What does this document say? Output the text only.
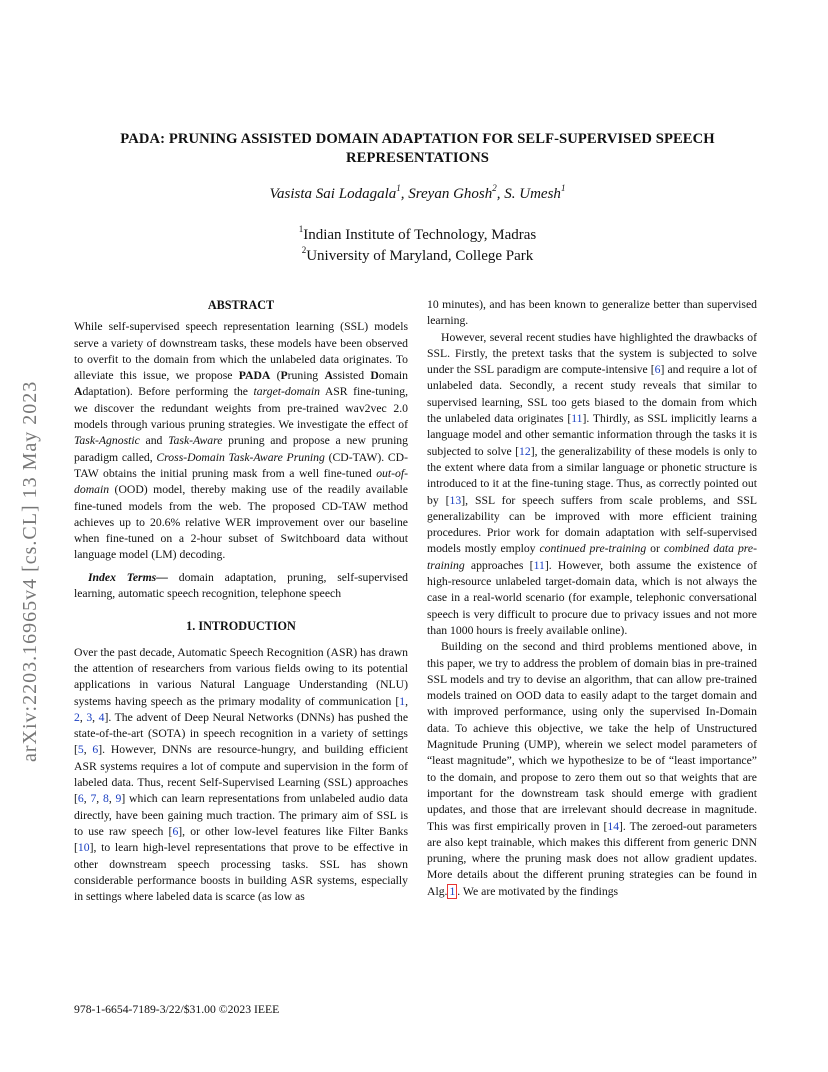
arXiv:2203.16965v4 [cs.CL] 13 May 2023
PADA: PRUNING ASSISTED DOMAIN ADAPTATION FOR SELF-SUPERVISED SPEECH REPRESENTATIONS
Vasista Sai Lodagala$^1$, Sreyan Ghosh$^2$, S. Umesh$^1$
$^1$Indian Institute of Technology, Madras
$^2$University of Maryland, College Park
ABSTRACT

While self-supervised speech representation learning (SSL) models serve a variety of downstream tasks, these models have been observed to overfit to the domain from which the unlabeled data originates. To alleviate this issue, we propose PADA (Pruning Assisted Domain Adaptation). Before performing the target-domain ASR fine-tuning, we discover the redundant weights from pre-trained wav2vec 2.0 models through various pruning strategies. We investigate the effect of Task-Agnostic and Task-Aware pruning and propose a new pruning paradigm called, Cross-Domain Task-Aware Pruning (CD-TAW). CD-TAW obtains the initial pruning mask from a well fine-tuned out-of-domain (OOD) model, thereby making use of the readily available fine-tuned models from the web. The proposed CD-TAW method achieves up to 20.6% relative WER improvement over our baseline when fine-tuned on a 2-hour subset of Switchboard data without language model (LM) decoding.

Index Terms— domain adaptation, pruning, self-supervised learning, automatic speech recognition, telephone speech

1. INTRODUCTION

Over the past decade, Automatic Speech Recognition (ASR) has drawn the attention of researchers from various fields owing to its potential applications in various Natural Language Understanding (NLU) systems having speech as the primary modality of communication [1, 2, 3, 4]. The advent of Deep Neural Networks (DNNs) has pushed the state-of-the-art (SOTA) in speech recognition in a variety of settings [5, 6]. However, DNNs are resource-hungry, and building efficient ASR systems requires a lot of compute and supervision in the form of labeled data. Thus, recent Self-Supervised Learning (SSL) approaches [6, 7, 8, 9] which can learn representations from unlabeled audio data directly, have been gaining much traction. The primary aim of SSL is to use raw speech [6], or other low-level features like Filter Banks [10], to learn high-level representations that prove to be effective in other downstream speech processing tasks. SSL has shown considerable performance boosts in building ASR systems, especially in settings where labeled data is scarce (as low as

10 minutes), and has been known to generalize better than supervised learning.

However, several recent studies have highlighted the drawbacks of SSL. Firstly, the pretext tasks that the system is subjected to solve under the SSL paradigm are compute-intensive [6] and require a lot of unlabeled data. Secondly, a recent study reveals that similar to supervised learning, SSL too gets biased to the domain from which the unlabeled data originates [11]. Thirdly, as SSL implicitly learns a language model and other semantic information through the tasks it is subjected to solve [12], the generalizability of these models is only to the extent where data from a similar language or phonetic structure is introduced to it at the fine-tuning stage. Thus, as correctly pointed out by [13], SSL for speech suffers from scale problems, and SSL generalizability can be improved with more efficient training procedures. Prior work for domain adaptation with self-supervised models mostly employ continued pre-training or combined data pre-training approaches [11]. However, both assume the existence of high-resource unlabeled target-domain data, which is not always the case in a real-world scenario (for example, telephonic conversational speech is very difficult to procure due to privacy issues and not more than 1000 hours is freely available online).

Building on the second and third problems mentioned above, in this paper, we try to address the problem of domain bias in pre-trained SSL models and try to devise an algorithm, that can allow pre-trained models trained on OOD data to easily adapt to the target domain and with improved performance, using only the supervised In-Domain data. To achieve this objective, we take the help of Unstructured Magnitude Pruning (UMP), wherein we select model parameters of “least magnitude”, which we hypothesize to be of “least importance” to the domain, and propose to zero them out so that weights that are important for the downstream task should emerge with gradient updates, and those that are irrelevant should decrease in magnitude. This was first empirically proven in [14]. The zeroed-out parameters are also kept trainable, which makes this different from generic DNN pruning, where the pruning mask does not allow gradient updates. More details about the different pruning strategies can be found in Alg. 1 . We are motivated by the findings

978-1-6654-7189-3/22/$31.00 ©2023 IEEE
